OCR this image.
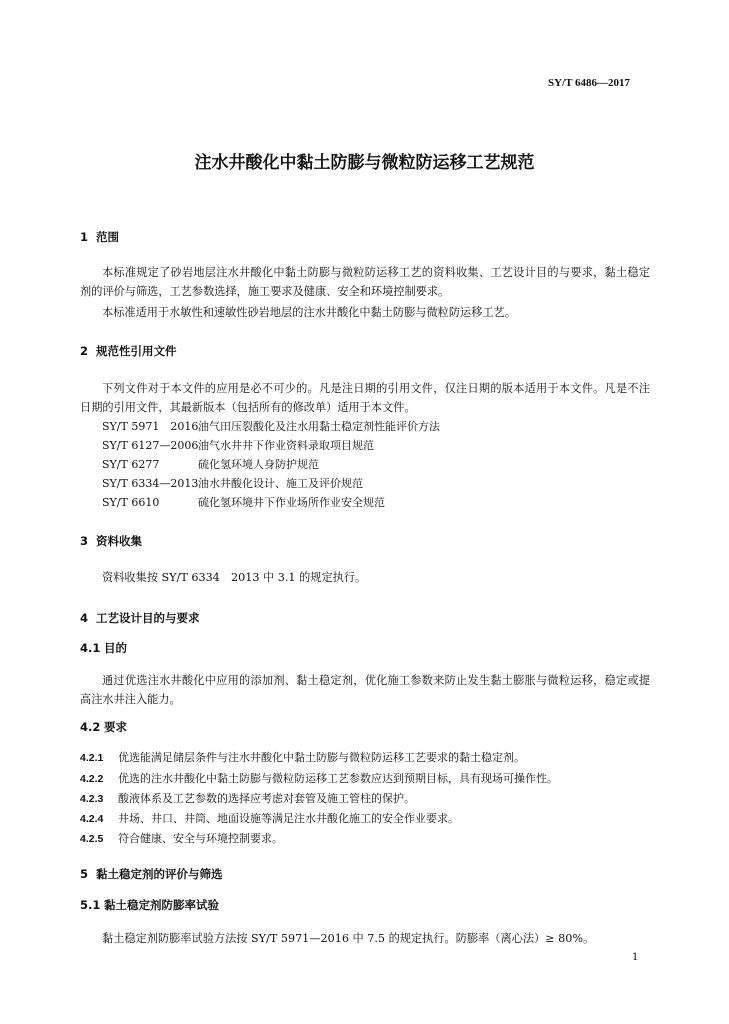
SY/T 6486—2017
注水井酸化中黏土防膨与微粒防运移工艺规范
1 范围
本标准规定了砂岩地层注水井酸化中黏土防膨与微粒防运移工艺的资料收集、工艺设计目的与要求，黏土稳定剂的评价与筛选，工艺参数选择，施工要求及健康、安全和环境控制要求。
本标准适用于水敏性和速敏性砂岩地层的注水井酸化中黏土防膨与微粒防运移工艺。
2 规范性引用文件
下列文件对于本文件的应用是必不可少的。凡是注日期的引用文件，仅注日期的版本适用于本文件。凡是不注日期的引用文件，其最新版本（包括所有的修改单）适用于本文件。
SY/T 5971　2016油气田压裂酸化及注水用黏土稳定剂性能评价方法
SY/T 6127—2006油气水井井下作业资料录取项目规范
SY/T 6277	硫化氢环境人身防护规范
SY/T 6334—2013油水井酸化设计、施工及评价规范
SY/T 6610	硫化氢环境井下作业场所作业安全规范
3 资料收集
资料收集按 SY/T 6334　2013 中 3.1 的规定执行。
4 工艺设计目的与要求
4.1 目的
通过优选注水井酸化中应用的添加剂、黏土稳定剂，优化施工参数来防止发生黏土膨胀与微粒运移，稳定或提高注水井注入能力。
4.2 要求
4.2.1 优选能满足储层条件与注水井酸化中黏土防膨与微粒防运移工艺要求的黏土稳定剂。
4.2.2 优选的注水井酸化中黏土防膨与微粒防运移工艺参数应达到预期目标，具有现场可操作性。
4.2.3 酸液体系及工艺参数的选择应考虑对套管及施工管柱的保护。
4.2.4 井场、井口、井筒、地面设施等满足注水井酸化施工的安全作业要求。
4.2.5 符合健康、安全与环境控制要求。
5 黏土稳定剂的评价与筛选
5.1 黏土稳定剂防膨率试验
黏土稳定剂防膨率试验方法按 SY/T 5971—2016 中 7.5 的规定执行。防膨率（离心法）≥ 80%。
1
